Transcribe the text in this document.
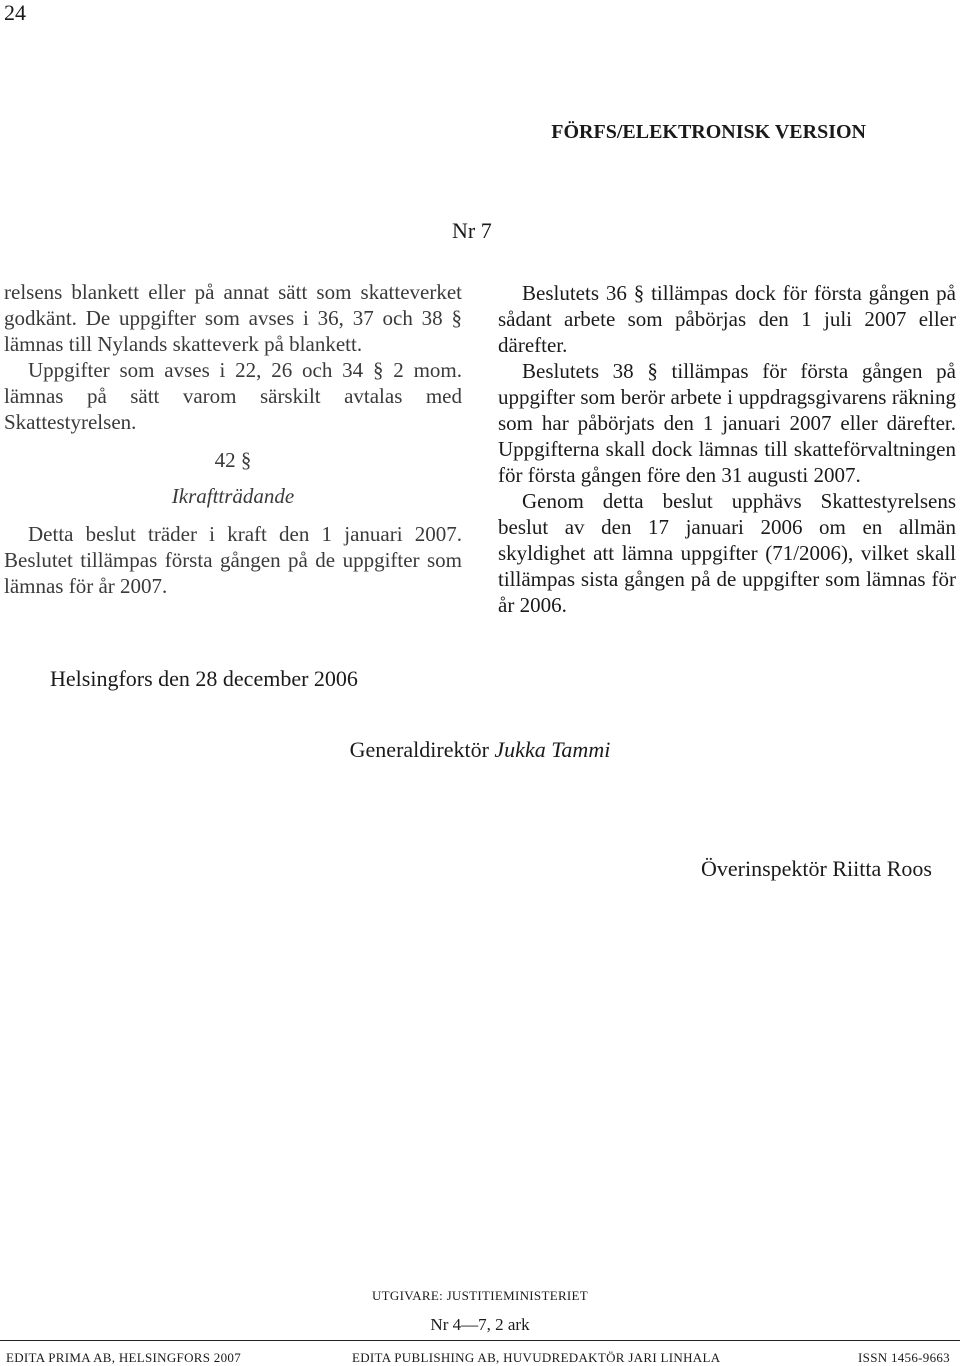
24
FÖRFS/ELEKTRONISK VERSION
Nr 7

relsens blankett eller på annat sätt som skatteverket godkänt. De uppgifter som avses i 36, 37 och 38 § lämnas till Nylands skatteverk på blankett.

Uppgifter som avses i 22, 26 och 34 § 2 mom. lämnas på sätt varom särskilt avtalas med Skattestyrelsen.

42 §

Ikraftträdande

Detta beslut träder i kraft den 1 januari 2007. Beslutet tillämpas första gången på de uppgifter som lämnas för år 2007.

Beslutets 36 § tillämpas dock för första gången på sådant arbete som påbörjas den 1 juli 2007 eller därefter.

Beslutets 38 § tillämpas för första gången på uppgifter som berör arbete i uppdragsgivarens räkning som har påbörjats den 1 januari 2007 eller därefter. Uppgifterna skall dock lämnas till skatteförvaltningen för första gången före den 31 augusti 2007.

Genom detta beslut upphävs Skattestyrelsens beslut av den 17 januari 2006 om en allmän skyldighet att lämna uppgifter (71/2006), vilket skall tillämpas sista gången på de uppgifter som lämnas för år 2006.

Helsingfors den 28 december 2006
Generaldirektör Jukka Tammi
Överinspektör Riitta Roos
UTGIVARE: JUSTITIEMINISTERIET
Nr 4—7, 2 ark
EDITA PRIMA AB, HELSINGFORS 2007	EDITA PUBLISHING AB, HUVUDREDAKTÖR JARI LINHALA	ISSN 1456-9663
